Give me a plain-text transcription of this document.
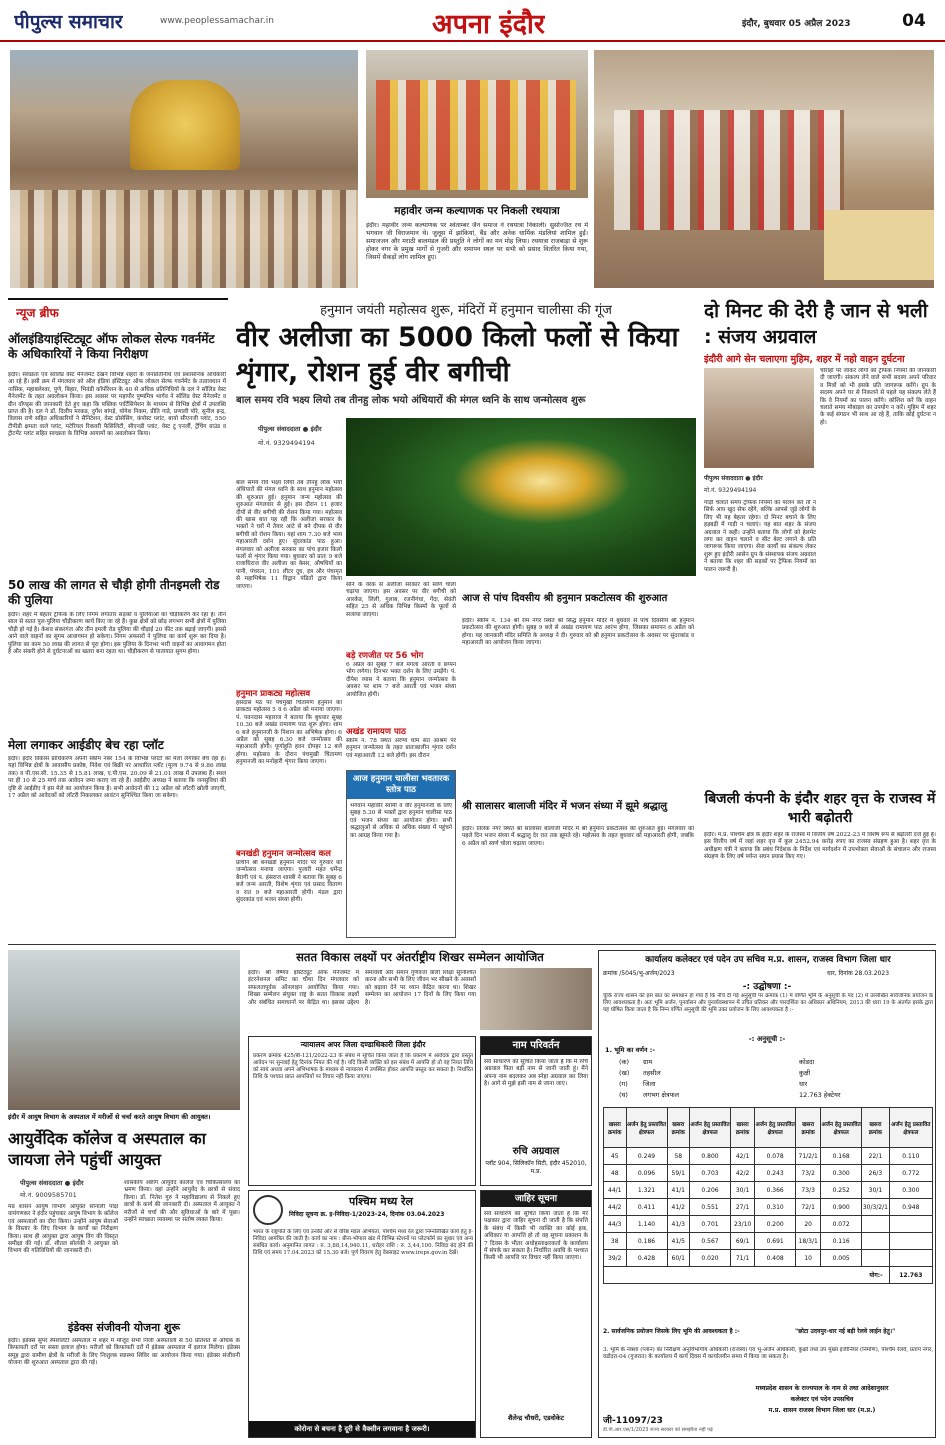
पीपुल्स समाचार	www.peoplessamachar.in	अपना इंदौर	इंदौर, बुधवार 05 अप्रैल 2023	04
महावीर जन्म कल्याणक पर निकली रथयात्रा
इंदौर। महावीर जन्म कल्याणक पर श्वेताम्बर जैन समाज ने रथयात्रा निकाली। सुसज्जित रथ में भगवान जी विराजमान थे। जुलूस में झांकियां, बैंड और अनेक धार्मिक मंडलियां शामिल हुईं। समाजजन और मराठी बालमंडल की प्रस्तुति ने लोगों का मन मोह लिया। रथयात्रा राजबाड़ा से शुरू होकर नगर के प्रमुख मार्गों से गुजरी और समापन स्थल पर सभी को प्रसाद वितरित किया गया, जिसमें सैकड़ों लोग शामिल हुए।
न्यूज ब्रीफ
ऑलइंडियाइंस्टिट्यूट ऑफ लोकल सेल्फ गवर्नमेंट के अधिकारियों ने किया निरीक्षण
इंदौर। स्वच्छता एवं सॉलिड वेस्ट मैनेजमेंट देखने विभिन्न शहरों के जनप्रतिनिधि एवं प्रशासनिक अधिकारी आ रहे हैं। इसी क्रम में मंगलवार को ऑल इंडिया इंस्टिट्यूट ऑफ लोकल सेल्फ गवर्नमेंट के तत्वावधान में नासिक, महाबलेश्वर, पुणे, बिहार, भिवंडी कॉर्पोरेशन के 40 से अधिक प्रतिनिधियों के दल ने सॉलिड वेस्ट मैनेजमेंट के तहत अवलोकन किया। इस अवसर पर महापौर पुष्यमित्र भार्गव ने सॉलिड वेस्ट मैनेजमेंट व ग्रीन वॉण्ड्स की जानकारी देते हुए कहा कि पब्लिक पार्टिसिपेशन के माध्यम से विभिन्न क्षेत्रों में उपलब्धि प्राप्त की है। दल ने डॉ. दिलीप मरकड, दुर्गेश बांगड़े, योगेश निकम, प्रीति गाडे, प्रणाली पोरे, सुनील इन्द्र, विलास राणे सहित अधिकारियों ने सैनिटेशन, वेस्ट प्रोसेसिंग, कंपोस्ट प्लांट, बायो सीएनजी प्लांट, 550 टीपीडी क्षमता वाले प्लांट, मटेरियल रिकवरी फैसिलिटी, सीएनडी प्लांट, वेस्ट टू एनर्जी, ट्रेंचिंग ग्राउंड व ट्रीटमेंट प्लांट सहित स्वच्छता के विभिन्न आयामों का अवलोकन किया।
50 लाख की लागत से चौड़ी होगी तीनइमली रोड की पुलिया
इंदौर। शहर में बेहतर ट्रैफिक के लिए निगम लगातार सड़कों व पुलियाओं का चौड़ीकरण कर रहा है। तीन साल से सतत पुल-पुलिया चौड़ीकरण कार्य किए जा रहे हैं। कुछ क्षेत्रों को छोड़ लगभग सभी क्षेत्रों में पुलिया चौड़ी हो गई है। केशव संकरगंज और तीन इमली रोड पुलिया की चौड़ाई 20 फीट तक बढ़ाई जाएगी। इससे आने वाले वाहनों का सुगम आवागमन हो सकेगा। निगम अफसरों ने पुलिया का कार्य शुरू कर दिया है। पुलिया का काम 50 लाख की लागत से पूरा होगा। इस पुलिया के दिनभर भारी वाहनों का आवागमन होता है और संकरी होने से दुर्घटनाओं का खतरा बना रहता था। चौड़ीकरण से यातायात सुगम होगा।
मेला लगाकर आईडीए बेच रहा प्लॉट
इंदौर। इंदौर विकास प्राधिकरण अपनी स्कीम नंबर 154 के विभिन्न प्लॉटों को मेला लगाकर बेच रहा है। यहां विभिन्न क्षेत्रों के आवासीय प्रकोष्ठ, निवेश एवं बिक्री पर आधारित प्लॉट (मूल्य 9.74 से 9.86 लाख तक) व पी.एस.सी. 15.35 से 15.81 लाख, ए.पी.एस. 20.09 से 21.01 लाख में उपलब्ध हैं। स्थल पर ही 10 से 25 मार्च तक आवेदन जमा कराए जा रहे हैं। आईडीए अध्यक्ष ने बताया कि जनसुविधा की दृष्टि से आईडीए ने इस मेले का आयोजन किया है। सभी आवेदनों की 12 अप्रैल को लॉटरी खोली जाएगी, 17 अप्रैल को आवेदकों को लॉटरी निकालकर आवंटन सुनिश्चित किया जा सकेगा।
हनुमान जयंती महोत्सव शुरू, मंदिरों में हनुमान चालीसा की गूंज
वीर अलीजा का 5000 किलो फलों से किया शृंगार, रोशन हुई वीर बगीची
बाल समय रवि भक्ष्य लियो तब तीनहु लोक भयो अंधियारों की मंगल ध्वनि के साथ जन्मोत्सव शुरू
पीपुल्स संवाददाता ● इंदौर
मो.नं. 9329494194
बाल समय रवि भक्ष्य लियो तब तीनहु लोक भयो अंधियारों की मंगल ध्वनि के साथ हनुमान महोत्सव की शुरुआत हुई। हनुमान जन्म महोत्सव की शुरुआत मंगलवार से हुई। इस दौरान 11 हजार दीपों से वीर बगीची की रोशन किया गया। महोत्सव की खास बात यह रही कि अलीजा सरकार के भक्तों ने घरों में तैयार आटे से बने दीपक से वीर बगीची को रोशन किया। यहां शाम 7.30 बजे भव्य महाआरती दर्शन हुए। सुंदरकांड पाठ हुआ। मंगलवार को अलीजा सरकार का पांच हजार किलो फलों से शृंगार किया गया। बुधवार को प्रातः 9 बजे राजाधिराज वीर अलीजा का केसर, औषधियों का पानी, पंचरत्न, 101 लीटर दूध, इत्र और पंचामृत से महाभिषेक 11 विद्वान पंडितों द्वारा किया जाएगा।
हनुमान प्राकट्य महोत्सव
हंसदास मठ पर पंचमुखी चिंतामण हनुमान का प्राकट्य महोत्सव 5 व 6 अप्रैल को मनाया जाएगा। पं. पवनदास महाराज ने बताया कि बुधवार सुबह 10.30 बजे अखंड रामायण पाठ शुरू होगा। शाम 6 बजे हनुमानजी के निशान का अभिषेक होगा। 6 अप्रैल को सुबह 6.30 बजे जन्मोत्सव की महाआरती होगी। पूर्णाहुति हवन दोपहर 12 बजे होगा। महोत्सव के दौरान पंचमुखी चिंतामण हनुमानजी का मनोहारी शृंगार किया जाएगा।
बनखंडी हनुमान जन्मोत्सव कल
प्राचीन श्री बनखंडी हनुमान मंदिर पर गुरुवार को जन्मोत्सव मनाया जाएगा। पुजारी महंत धर्मेन्द्र बैरागी एवं प. हंसराज शास्त्री ने बताया कि सुबह 6 बजे जन्म आरती, विशेष शृंगार एवं प्रसाद वितरण व रात 9 बजे महाआरती होगी। मंडल द्वारा सुंदरकांड एवं भजन संध्या होगी।
सोने के वरक से अलीजा सरकार को स्वर्ण चोला चढ़ाया जाएगा। इस अवसर पर वीर बगीची को आरकेड, लिली, गुलाब, रजनीगंधा, गेंदा, सेवंती सहित 25 से अधिक विभिन्न किस्मों के फूलों से सजाया जाएगा।
बड़े रणजीत पर 56 भोग
6 अप्रैल को सुबह 7 बजे मंगला आरती व छप्पन भोग लगेगा। दिनभर भक्त दर्शन के लिए उमड़ेंगे। पं. दीपेश व्यास ने बताया कि हनुमान जन्मोत्सव के अवसर पर शाम 7 बजे आरती एवं भजन संध्या आयोजित होगी।
अखंड रामायण पाठ
स्कीम नं. 78 स्थित अरण्य धाम संत आश्रम पर हनुमान जन्मोत्सव के तहत प्रातःकालीन शृंगार दर्शन एवं महाआरती 12 बजे होगी। इस दौरान
आज हनुमान चालीसा भवतारक स्तोत्र पाठ
भगवान महावीर स्वामी व वीर हनुमानजी के लिए सुबह 5.30 से भक्तों द्वारा हनुमान चालीसा पाठ एवं भजन संध्या का आयोजन होगा। सभी श्रद्धालुओं से अधिक से अधिक संख्या में पहुंचने का आग्रह किया गया है।
आज से पांच दिवसीय श्री हनुमान प्रकटोत्सव की शुरुआत
इंदौर। स्कीम नं. 134 श्री राम नगर स्थित श्री सिद्ध हनुमान मंदिर में बुधवार से पांच दिवसीय श्री हनुमान प्रकटोत्सव की शुरुआत होगी। सुबह 9 बजे से अखंड रामायण पाठ आरंभ होगा, जिसका समापन 6 अप्रैल को होगा। यह जानकारी मंदिर समिति के अध्यक्ष ने दी। गुरुवार को श्री हनुमान प्रकटोत्सव के अवसर पर सुंदरकांड व महाआरती का आयोजन किया जाएगा।
श्री सालासर बालाजी मंदिर में भजन संध्या में झूमे श्रद्धालु
इंदौर। तिलक नगर स्थित श्री सालासर बालाजी मंदिर में श्री हनुमान प्रकटोत्सव की शुरुआत हुई। मंगलवार को पहले दिन भजन संध्या में श्रद्धालु देर रात तक झूमते रहे। महोत्सव के तहत बुधवार को महाआरती होगी, जबकि 6 अप्रैल को स्वर्ण चोला चढ़ाया जाएगा।
दो मिनट की देरी है जान से भली : संजय अग्रवाल
इंदौरी आगे सेन चलाएगा मुहिम, शहर में नहो वाहन दुर्घटना
पीपुल्स संवाददाता ● इंदौर
मो.नं. 9329494194
गाड़ी चलाते समय ट्रैफिक नियमों का पालन करें तो न सिर्फ आप खुद सेफ रहेंगे, बल्कि आपसे जुड़े लोगों के लिए भी यह बेहतर रहेगा। दो मिनट बचाने के लिए हड़बड़ी में गाड़ी न चलाएं। यह बात शहर के संजय अग्रवाल ने कही। उन्होंने बताया कि लोगों को हेलमेट लगा कर वाहन चलाने व सीट बेल्ट लगाने के प्रति जागरूक किया जाएगा। सेवा कार्यों का संकल्प लेकर शुरू हुए इंदौरी आसेन ग्रुप के संस्थापक संजय अग्रवाल ने बताया कि शहर की सड़कों पर ट्रैफिक नियमों का पालन जरूरी है।
चौराहों पर जाकर लोगों को ट्रैफिक नियमों की जानकारी दी जाएगी। संकल्प लेने वाले सभी सदस्य अपने परिवार व मित्रों को भी इसके प्रति जागरूक करेंगे। ग्रुप के सदस्य अपने घर से निकलने से पहले यह संकल्प लेते हैं कि वे नियमों का पालन करेंगे। कोशिश करें कि वाहन चलाते समय मोबाइल का उपयोग न करें। मुहिम में शहर के कई संगठन भी साथ आ रहे हैं, ताकि कोई दुर्घटना न हो।
बिजली कंपनी के इंदौर शहर वृत्त के राजस्व में भारी बढ़ोतरी
इंदौर। म.प्र. पश्चिम क्षेत्र के इंदौर शहर के राजस्व में वित्तीय वर्ष 2022-23 में विशेष रूप से बढ़ोतरी दर्ज हुई है। इस वित्तीय वर्ष में जहां शहर वृत्त में कुल 2452.94 करोड़ रुपए का राजस्व संग्रहण हुआ है। शहर वृत्त के अधीक्षण यंत्री ने बताया कि प्रबंध निदेशक के निर्देश एवं मार्गदर्शन में उपभोक्ता सेवाओं के संचालन और राजस्व संग्रहण के लिए वर्ष पर्यन्त सघन प्रयास किए गए।
इंदौर में आयुष विभाग के अस्पताल में मरीजों से चर्चा करते आयुष विभाग की आयुक्त।
आयुर्वेदिक कॉलेज व अस्पताल का जायजा लेने पहुंचीं आयुक्त
पीपुल्स संवाददाता ● इंदौर
मो.नं. 9009585701
मप्र शासन आयुष विभाग आयुक्त सोनाली पोंक्षे वायंगणकर ने इंदौर पहुंचकर आयुष विभाग के कॉलेज एवं अस्पतालों का दौरा किया। उन्होंने आयुष सेवाओं के विस्तार के लिए विभाग के कार्यों का निरीक्षण किया। साथ ही आयुक्त द्वारा आयुष विंग की विस्तृत समीक्षा की गई। डॉ. शीतल सोलंकी ने आयुक्त को विभाग की गतिविधियों की जानकारी दी।
शासकीय अष्टांग आयुर्वेद कॉलेज एवं चिकित्सालय का भ्रमण किया। वहां उन्होंने आयुर्वेद के छात्रों से संवाद किया। डॉ. नितेश गुरु ने महाविद्यालय से निकले हुए छात्रों के कार्य की जानकारी दी। अस्पताल में आयुक्त ने मरीजों से चर्चा की और सुविधाओं के बारे में पूछा। उन्होंने स्वच्छता व्यवस्था पर संतोष व्यक्त किया।
इंडेक्स संजीवनी योजना शुरू
इंदौर। इंडेक्स सुपर स्पेशलिटी अस्पताल में शहर में मौजूद सभी निजी अस्पतालों से 50 प्रतिशत से अधिक के किफायती दरों पर सस्ता इलाज होगा। मरीजों को किफायती दरों में इंडेक्स अस्पताल में इलाज मिलेगा। इंडेक्स समूह द्वारा ग्रामीण क्षेत्रों के मरीजों के लिए निःशुल्क स्वास्थ्य शिविर का आयोजन किया गया। इंडेक्स संजीवनी योजना की शुरुआत अस्पताल द्वारा की गई।
सतत विकास लक्ष्यों पर अंतर्राष्ट्रीय शिखर सम्मेलन आयोजित
इंदौर। श्री वैष्णव इंस्टिट्यूट ऑफ मैनेजमेंट में इंटरनेशनल समिट का चौथा दिन मंगलवार को सफलतापूर्वक ऑनलाइन आयोजित किया गया। शिखर सम्मेलन संयुक्त राष्ट्र के सतत विकास लक्ष्यों और संबंधित समाधानों पर केंद्रित था। इसका उद्देश्य समावेशी और समान गुणवत्ता वाली शिक्षा सुनिश्चित करना और सभी के लिए जीवन भर सीखने के अवसरों को बढ़ावा देने पर ध्यान केंद्रित करना था। शिखर सम्मेलन का आयोजन 17 दिनों के लिए किया गया है।
न्यायालय अपर जिला दण्डाधिकारी जिला इंदौर
प्रकरण क्रमांक 425/बी-121/2022-23 के संबंध में सूचित किया जाता है कि प्रकरण में आवेदक द्वारा प्रस्तुत आवेदन पर सुनवाई हेतु दिनांक नियत की गई है। यदि किसी व्यक्ति को इस संबंध में आपत्ति हो तो वह नियत तिथि को स्वयं अथवा अपने अभिभाषक के माध्यम से न्यायालय में उपस्थित होकर आपत्ति प्रस्तुत कर सकता है। निर्धारित तिथि के पश्चात प्राप्त आपत्तियों पर विचार नहीं किया जाएगा।
पश्चिम मध्य रेल
निविदा सूचना क्र. इ-निविदा-1/2023-24, दिनांक 03.04.2023
भारत के राष्ट्रपति के लिए एवं उनकी ओर से वरिष्ठ मंडल अभियंता, पश्चिम मध्य रेल द्वारा निम्नलिखित कार्य हेतु ई-निविदा आमंत्रित की जाती है। कार्य का नाम : बीना-भोपाल खंड में विभिन्न स्टेशनों पर प्लेटफॉर्म का सुधार एवं अन्य संबंधित कार्य। अनुमानित लागत : रु. 3,88,14,940.11, धरोहर राशि : रु. 3,44,100. निविदा बंद होने की तिथि एवं समय 17.04.2023 को 15.30 बजे। पूर्ण विवरण हेतु वेबसाइट www.ireps.gov.in देखें।
कोरोना से बचना है दूरी से वैक्सीन लगवाना है जरूरी।
नाम परिवर्तन
सर्व साधारण को सूचित किया जाता है कि मैं रुचि अग्रवाल पिता बड़ी नाम से जानी जाती हूं। मैंने अपना नाम बदलकर अब स्नेहा अग्रवाल कर लिया है। आगे से मुझे इसी नाम से जाना जाए।
रुचि अग्रवाल
प्लॉट 904, सिलिकॉन सिटी, इंदौर 452010, म.प्र.
जाहिर सूचना
सर्व साधारण को सूचित किया जाता है कि मेरे पक्षकार द्वारा जाहिर सूचना दी जाती है कि संपत्ति के संबंध में किसी भी व्यक्ति का कोई हक, अधिकार या आपत्ति हो तो वह सूचना प्रकाशन के 7 दिवस के भीतर अधोहस्ताक्षरकर्ता के कार्यालय में संपर्क कर सकता है। निर्धारित अवधि के पश्चात किसी भी आपत्ति पर विचार नहीं किया जाएगा।
शैलेन्द्र चौधरी, एडवोकेट
कार्यालय कलेक्टर एवं पदेन उप सचिव म.प्र. शासन, राजस्व विभाग जिला धार
क्रमांक /5045/भू-अर्जन/2023	धार, दिनांक 28.03.2023
-: उद्घोषणा :-
चूंकि राज्य शासन को इस बात का समाधान हो गया है कि नीचे दी गई अनुसूची पर क्रमांक (1) में वर्णित भूमि के अनुसूची के पद (2) में उल्लेखित सार्वजनिक प्रयोजन के लिए आवश्यकता है। अतः भूमि अर्जन, पुनर्वासन और पुनर्व्यवस्थापन में उचित प्रतिकर और पारदर्शिता का अधिकार अधिनियम, 2013 की धारा 19 के अंतर्गत इसके द्वारा यह घोषित किया जाता है कि निम्न वर्णित अनुसूची की भूमि उक्त प्रयोजन के लिए आवश्यकता है :-
-: अनुसूची :-
1. भूमि का वर्णन :-
(क) ग्राम	कोडदा
(ख) तहसील	कुक्षी
(ग) जिला	धार
(घ) लगभग क्षेत्रफल	12.763 हेक्टेयर
खसरा क्रमांक	अर्जन हेतु प्रस्तावित क्षेत्रफल	खसरा क्रमांक	अर्जन हेतु प्रस्तावित क्षेत्रफल	खसरा क्रमांक	अर्जन हेतु प्रस्तावित क्षेत्रफल	खसरा क्रमांक	अर्जन हेतु प्रस्तावित क्षेत्रफल	खसरा क्रमांक	अर्जन हेतु प्रस्तावित क्षेत्रफल
45	0.249	58	0.800	42/1	0.078	71/2/1	0.168	22/1	0.110
48	0.096	59/1	0.703	42/2	0.243	73/2	0.300	26/3	0.772
44/1	1.321	41/1	0.206	30/1	0.366	73/3	0.252	30/1	0.300
44/2	0.411	41/2	0.551	27/1	0.310	72/1	0.900	30/3/2/1	0.948
44/3	1.140	41/3	0.701	23/10	0.200	20	0.072		
38	0.186	41/5	0.567	69/1	0.691	18/3/1	0.116		
39/2	0.428	60/1	0.020	71/1	0.408	10	0.005		
योग:-									12.763
2. सार्वजनिक प्रयोजन जिसके लिए भूमि की आवश्यकता है :-	"छोटा उदयपुर-धार नई बड़ी रेलवे लाईन हेतु।"
3. भूमि के नक्शा (प्लान) का निरीक्षण अनुविभागीय अधिकारी (राजस्व) एवं भू-अर्जन अधिकारी, कुक्षी तथा उप मुख्य इंजीनियर (निर्माण), पश्चिम रेलवे, प्रताप नगर, वडोदरा-04 (गुजरात) के कार्यालय में कार्य दिवस में कार्यालयीन समय में किया जा सकता है।
मध्यप्रदेश शासन के राज्यपाल के नाम से तथा आदेशानुसार
कलेक्टर एवं पदेन उपसचिव
म.प्र. शासन राजस्व विभाग जिला धार (म.प्र.)
जी-11097/23
डी.पी.आर.एस/1/2023 राज्य सरकार को समझौता नहीं पढ़ें
